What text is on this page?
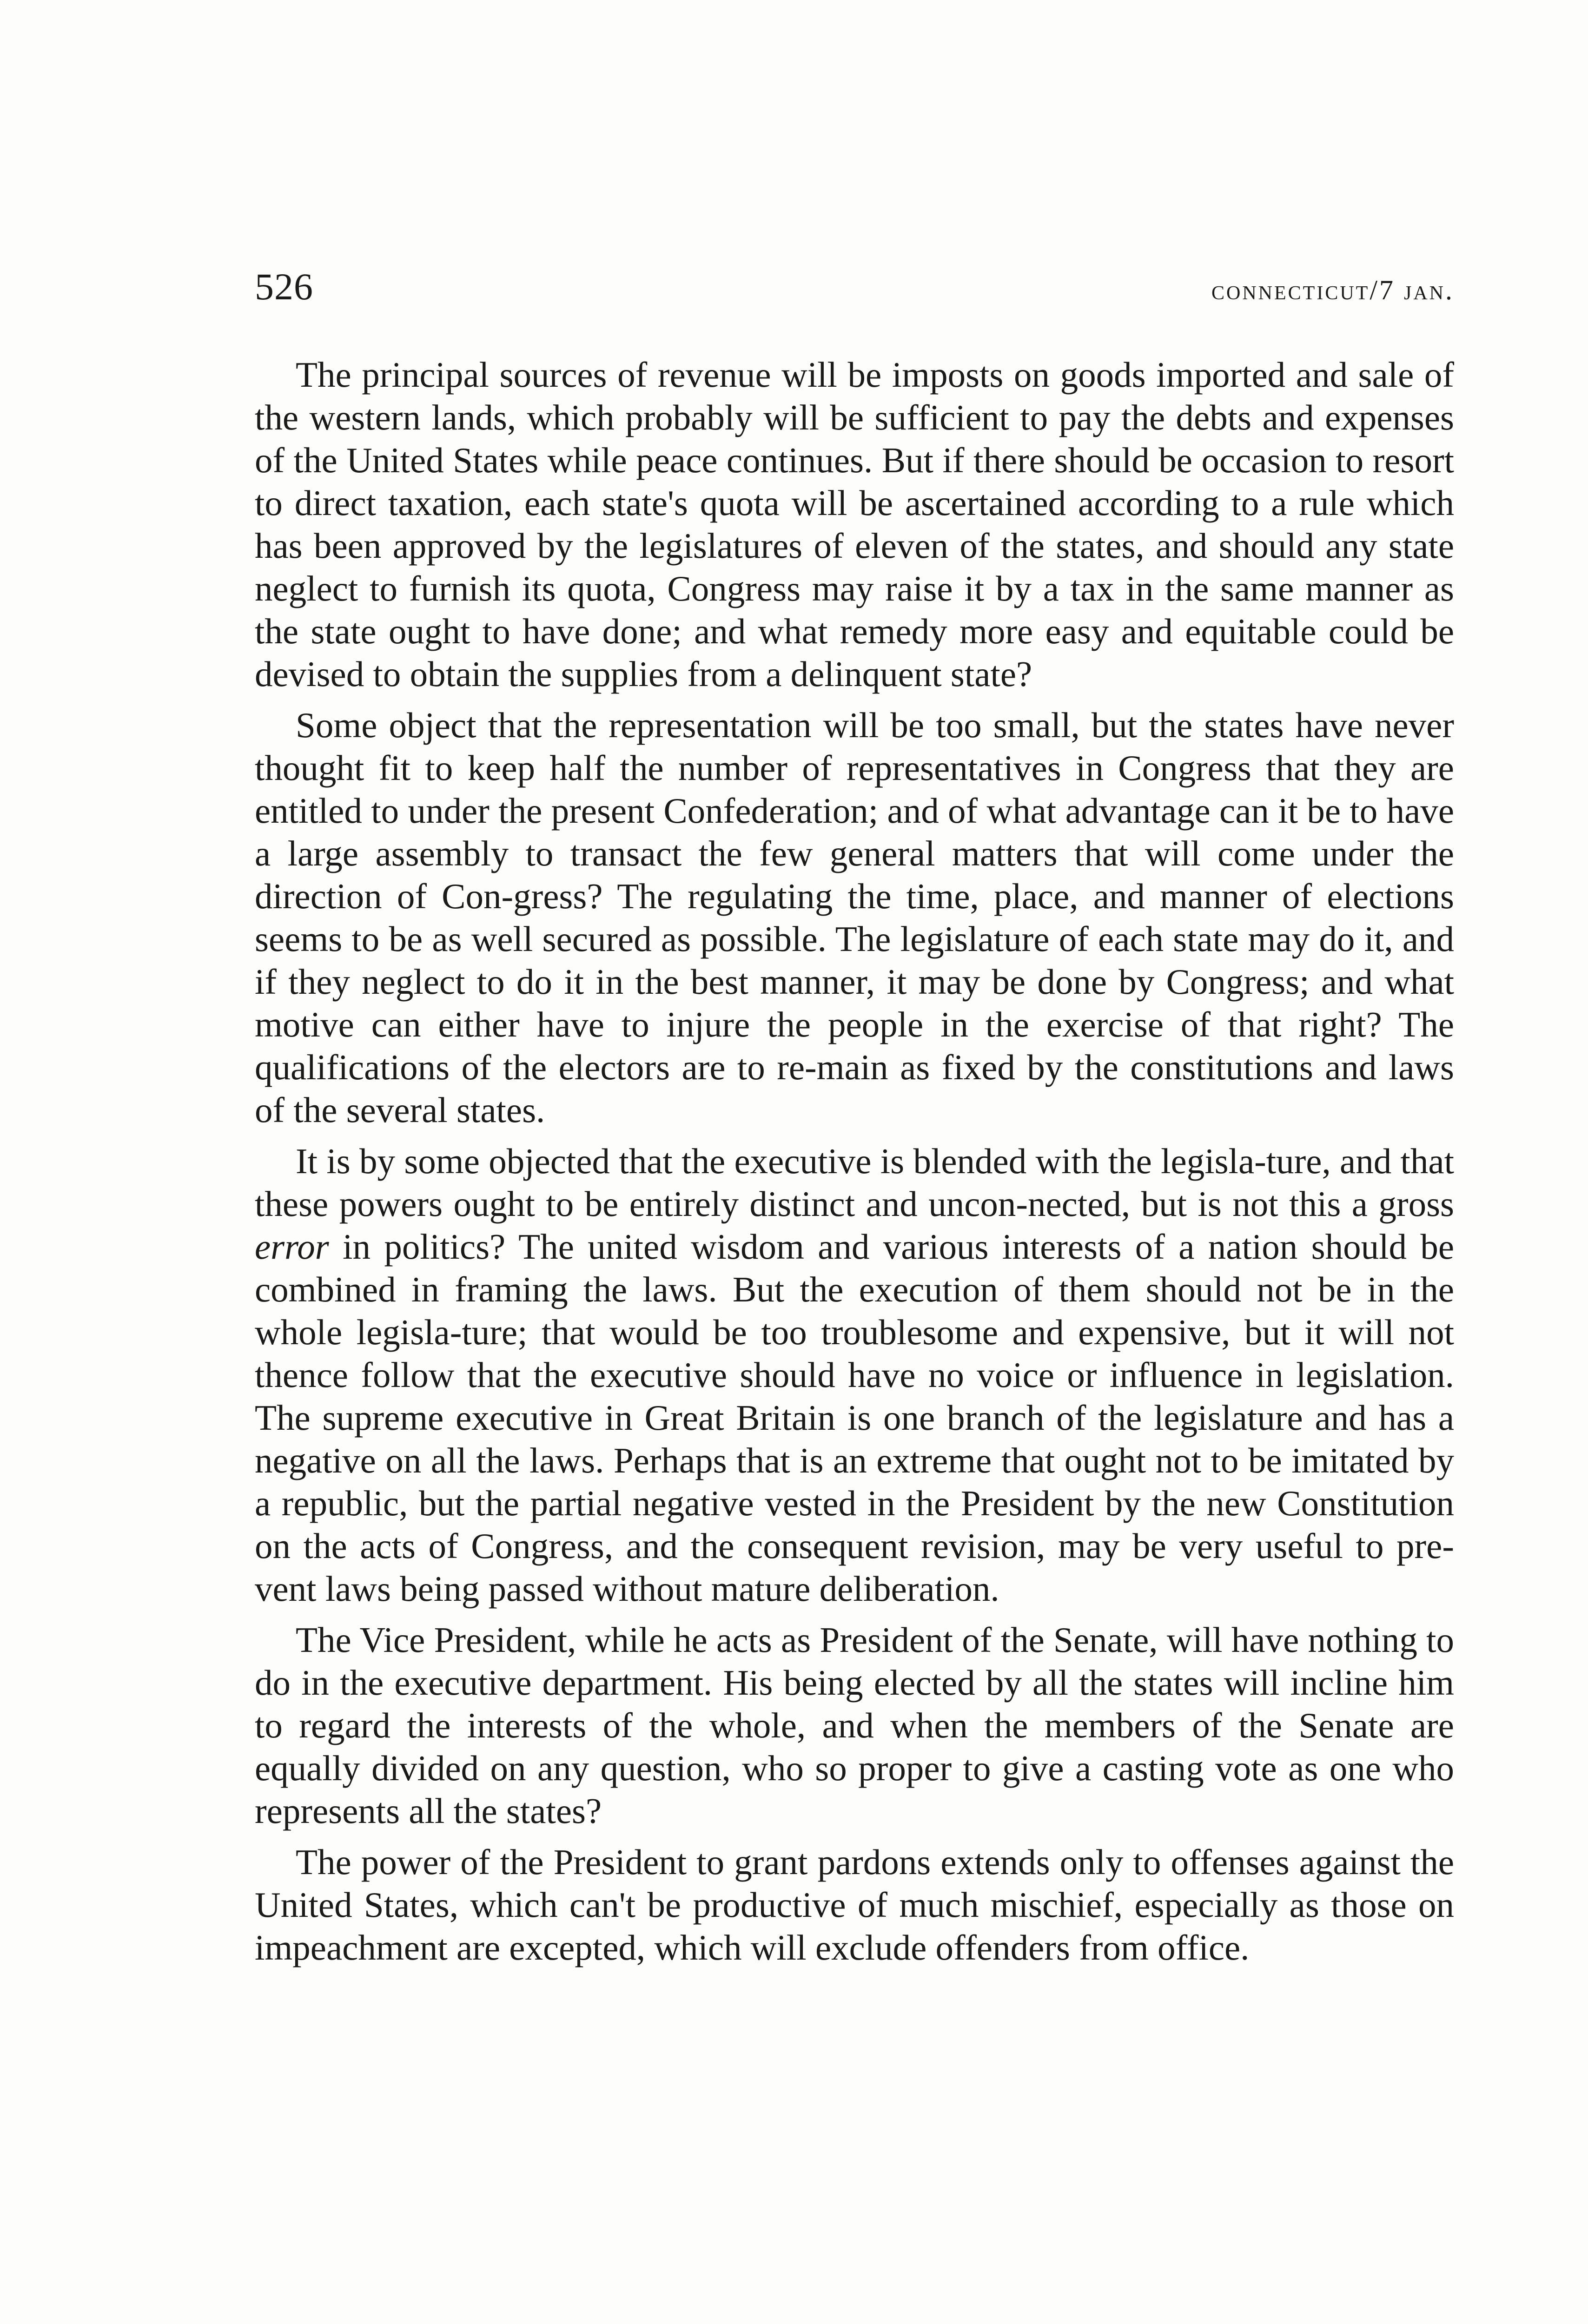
526	connecticut/7 jan.

The principal sources of revenue will be imposts on goods imported and sale of the western lands, which probably will be sufficient to pay the debts and expenses of the United States while peace continues. But if there should be occasion to resort to direct taxation, each state's quota will be ascertained according to a rule which has been approved by the legislatures of eleven of the states, and should any state neglect to furnish its quota, Congress may raise it by a tax in the same manner as the state ought to have done; and what remedy more easy and equitable could be devised to obtain the supplies from a delinquent state?

Some object that the representation will be too small, but the states have never thought fit to keep half the number of representatives in Congress that they are entitled to under the present Confederation; and of what advantage can it be to have a large assembly to transact the few general matters that will come under the direction of Con-gress? The regulating the time, place, and manner of elections seems to be as well secured as possible. The legislature of each state may do it, and if they neglect to do it in the best manner, it may be done by Congress; and what motive can either have to injure the people in the exercise of that right? The qualifications of the electors are to re-main as fixed by the constitutions and laws of the several states.

It is by some objected that the executive is blended with the legisla-ture, and that these powers ought to be entirely distinct and uncon-nected, but is not this a gross error in politics? The united wisdom and various interests of a nation should be combined in framing the laws. But the execution of them should not be in the whole legisla-ture; that would be too troublesome and expensive, but it will not thence follow that the executive should have no voice or influence in legislation. The supreme executive in Great Britain is one branch of the legislature and has a negative on all the laws. Perhaps that is an extreme that ought not to be imitated by a republic, but the partial negative vested in the President by the new Constitution on the acts of Congress, and the consequent revision, may be very useful to pre-vent laws being passed without mature deliberation.

The Vice President, while he acts as President of the Senate, will have nothing to do in the executive department. His being elected by all the states will incline him to regard the interests of the whole, and when the members of the Senate are equally divided on any question, who so proper to give a casting vote as one who represents all the states?

The power of the President to grant pardons extends only to offenses against the United States, which can't be productive of much mischief, especially as those on impeachment are excepted, which will exclude offenders from office.
